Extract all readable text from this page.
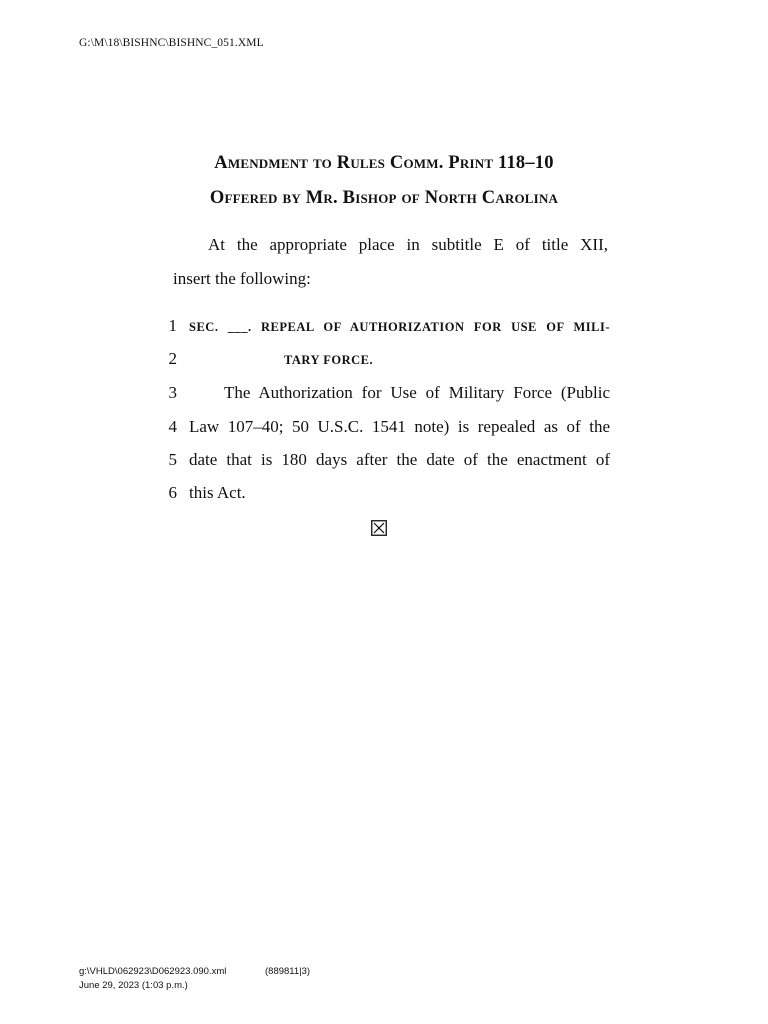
G:\M\18\BISHNC\BISHNC_051.XML
Amendment to Rules Comm. Print 118–10
Offered by Mr. Bishop of North Carolina
At the appropriate place in subtitle E of title XII,
insert the following:
1 SEC. ___. REPEAL OF AUTHORIZATION FOR USE OF MILI-
2	TARY FORCE.
3	The Authorization for Use of Military Force (Public
4 Law 107–40; 50 U.S.C. 1541 note) is repealed as of the
5 date that is 180 days after the date of the enactment of
6 this Act.
g:\VHLD\062923\D062923.090.xml	(889811|3)
June 29, 2023 (1:03 p.m.)
